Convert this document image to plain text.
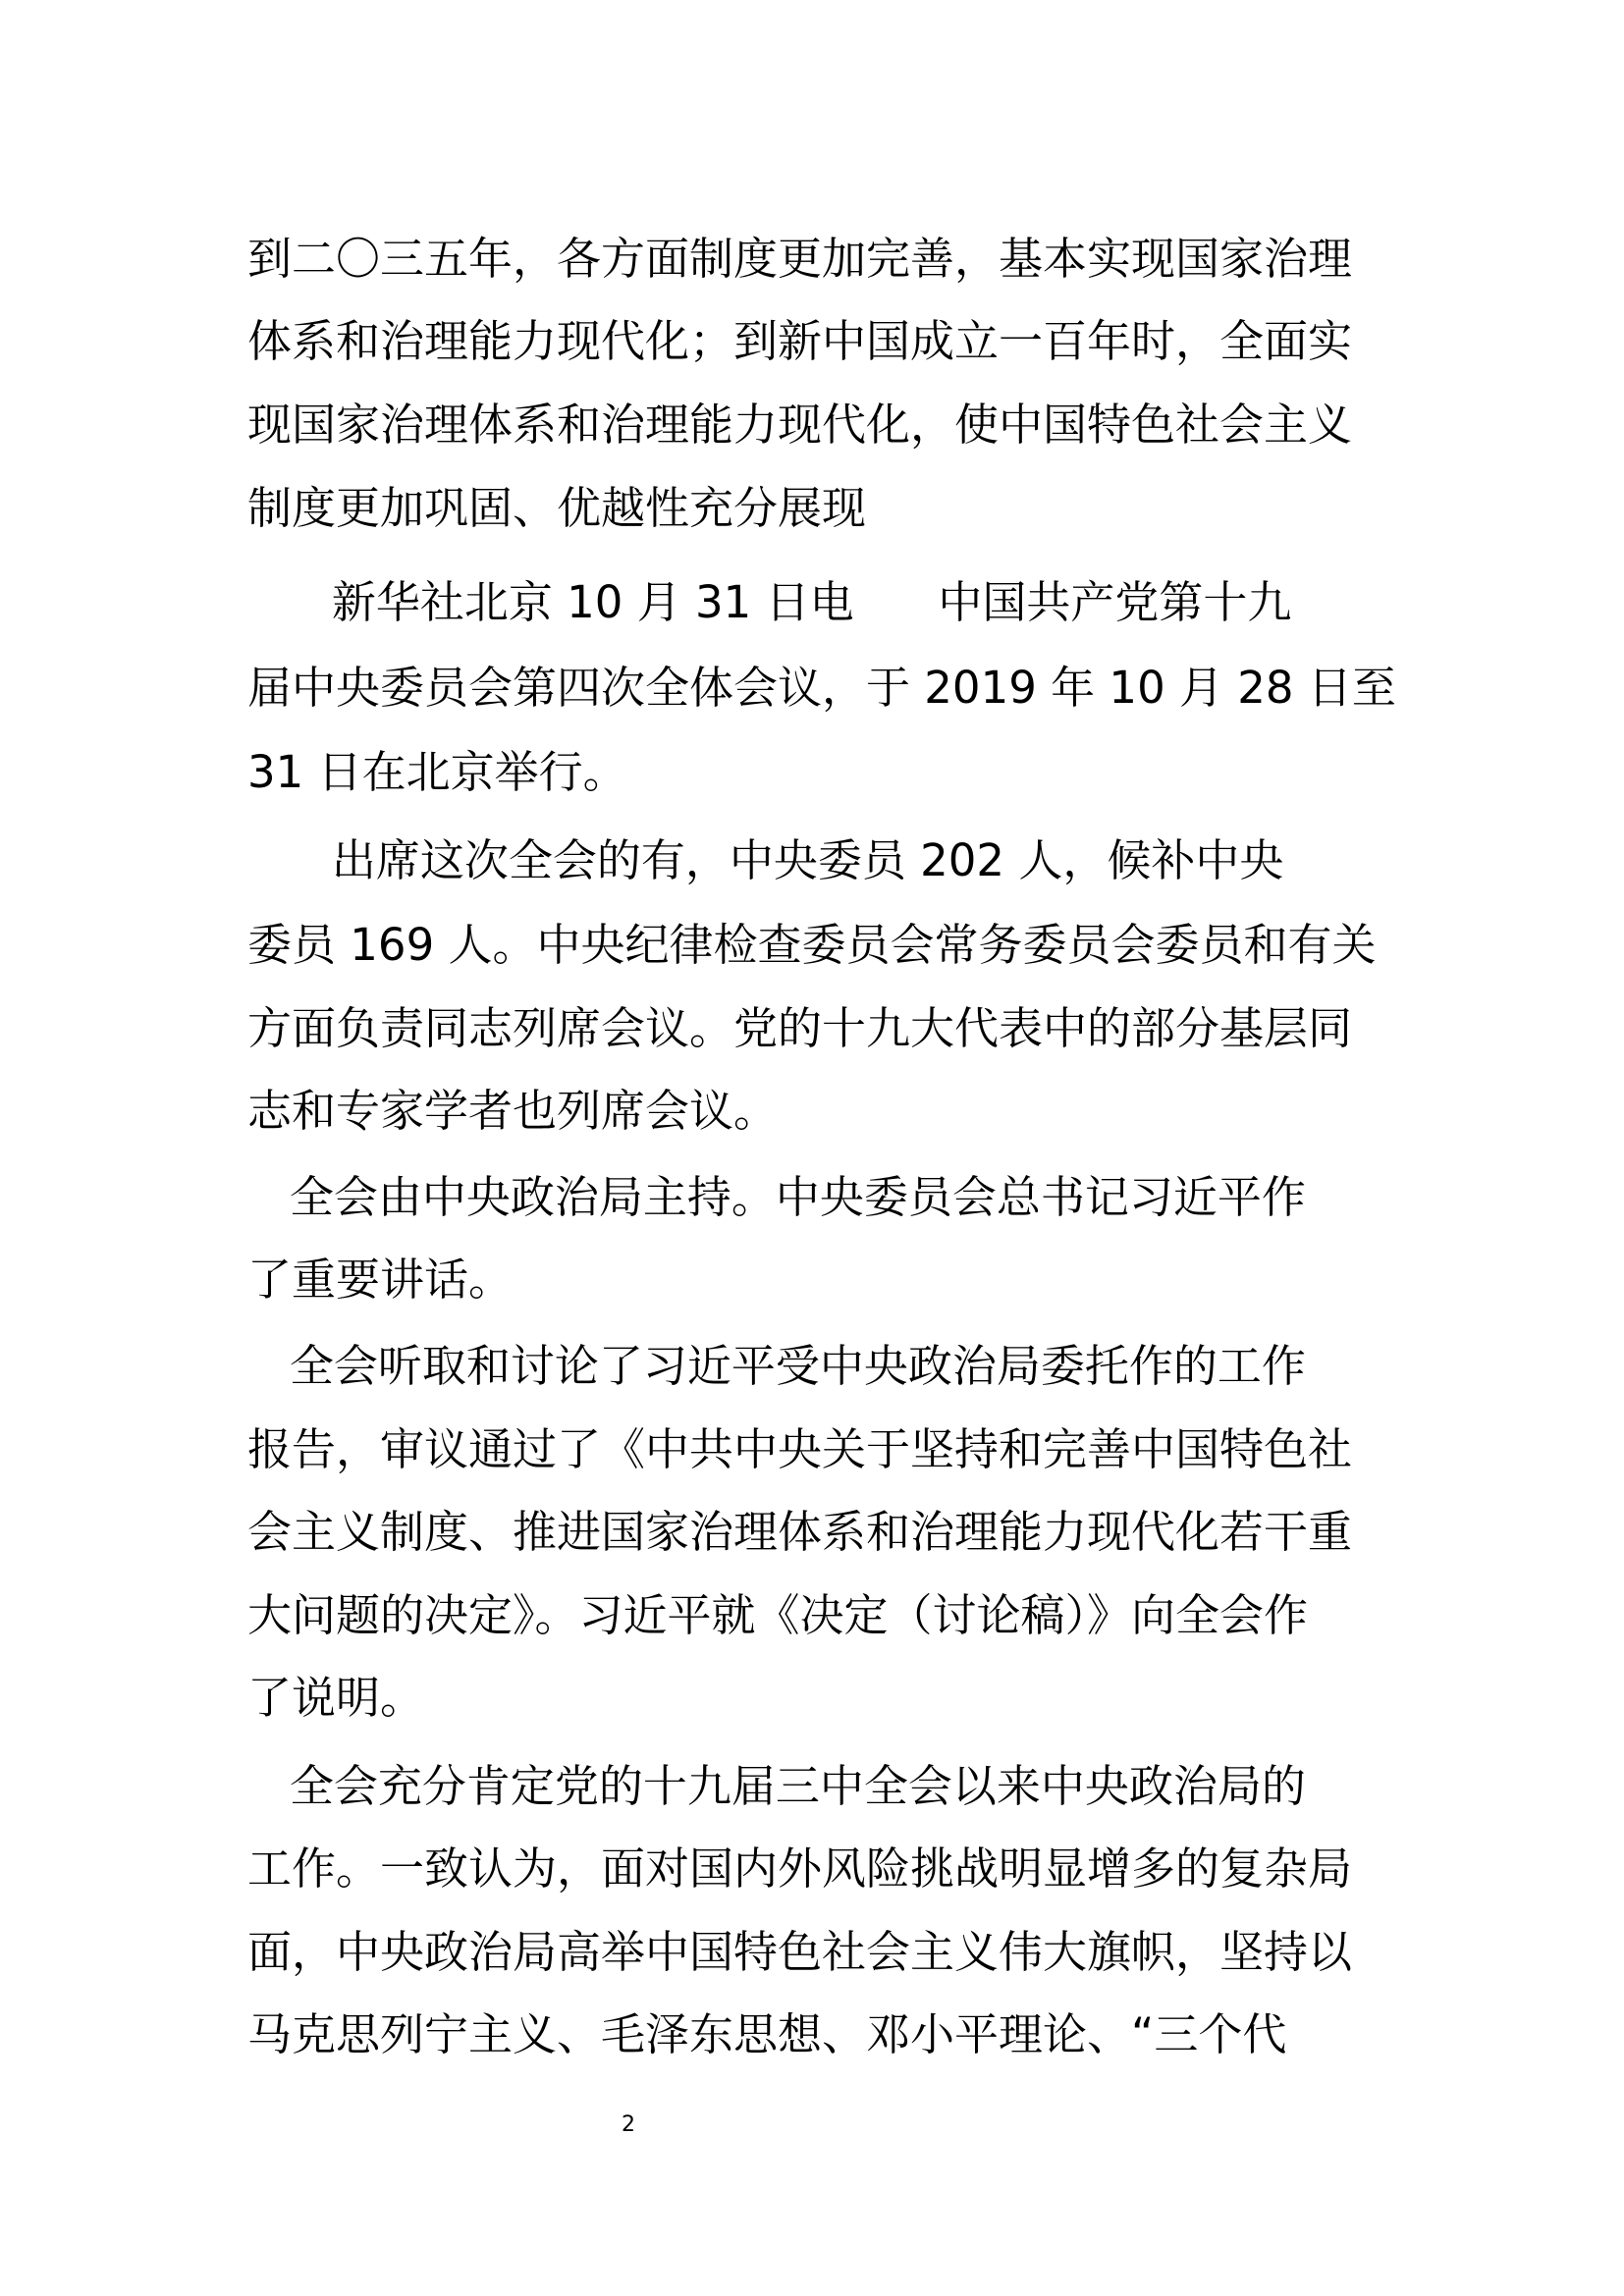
到二〇三五年，各方面制度更加完善，基本实现国家治理
体系和治理能力现代化；到新中国成立一百年时，全面实
现国家治理体系和治理能力现代化，使中国特色社会主义
制度更加巩固、优越性充分展现
新华社北京 10 月 31 日电      中国共产党第十九
届中央委员会第四次全体会议，于 2019 年 10 月 28 日至
31 日在北京举行。
出席这次全会的有，中央委员 202 人，候补中央
委员 169 人。中央纪律检查委员会常务委员会委员和有关
方面负责同志列席会议。党的十九大代表中的部分基层同
志和专家学者也列席会议。
全会由中央政治局主持。中央委员会总书记习近平作
了重要讲话。
全会听取和讨论了习近平受中央政治局委托作的工作
报告，审议通过了《中共中央关于坚持和完善中国特色社
会主义制度、推进国家治理体系和治理能力现代化若干重
大问题的决定》。习近平就《决定（讨论稿）》向全会作
了说明。
全会充分肯定党的十九届三中全会以来中央政治局的
工作。一致认为，面对国内外风险挑战明显增多的复杂局
面，中央政治局高举中国特色社会主义伟大旗帜，坚持以
马克思列宁主义、毛泽东思想、邓小平理论、“三个代
2
